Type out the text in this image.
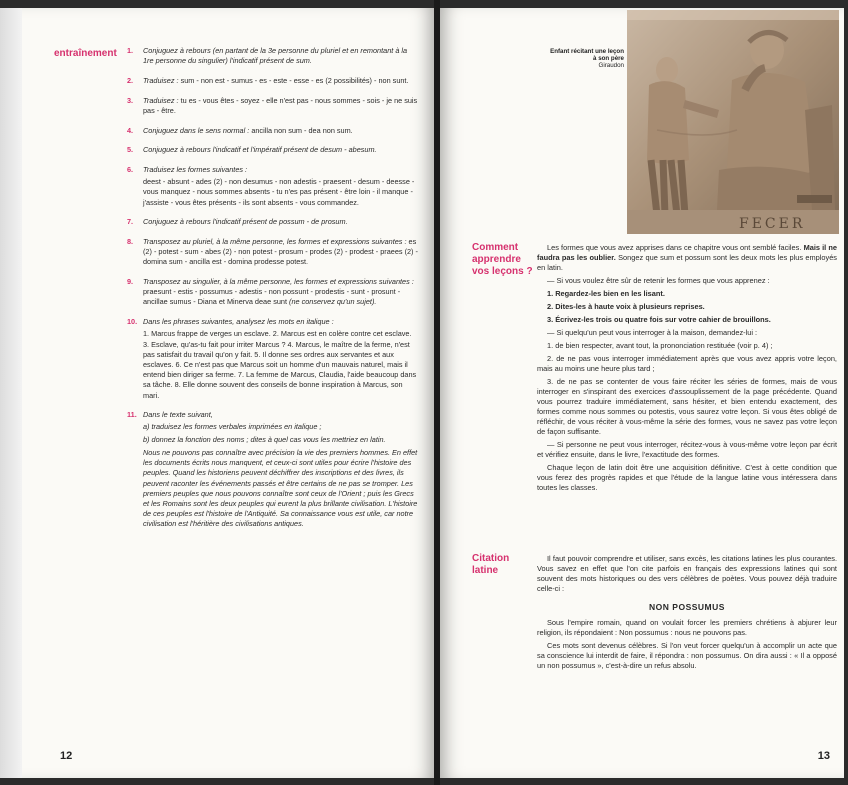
entraînement 1. Conjuguez à rebours (en partant de la 3e personne du pluriel et en remontant à la 1re personne du singulier) l'indicatif présent de sum.

2. Traduisez : sum - non est - sumus - es - este - esse - es (2 possibilités) - non sunt.

3. Traduisez : tu es - vous êtes - soyez - elle n'est pas - nous sommes - sois - je ne suis pas - être.

4. Conjuguez dans le sens normal : ancilla non sum - dea non sum.

5. Conjuguez à rebours l'indicatif et l'impératif présent de desum - abesum.

6. Traduisez les formes suivantes :

deest - absunt - ades (2) - non desumus - non adestis - praesent - desum - deesse - vous manquez - nous sommes absents - tu n'es pas présent - être loin - il manque - j'assiste - vous êtes présents - ils sont absents - vous commandez.

7. Conjuguez à rebours l'indicatif présent de possum - de prosum.

8. Transposez au pluriel, à la même personne, les formes et expressions suivantes : es (2) - potest - sum - abes (2) - non potest - prosum - prodes (2) - prodest - praees (2) - domina sum - ancilla est - domina prodesse potest.

9. Transposez au singulier, à la même personne, les formes et expressions suivantes : praesunt - estis - possumus - adestis - non possunt - prodestis - sunt - prosunt - ancillae sumus - Diana et Minerva deae sunt (ne conservez qu'un sujet).

10. Dans les phrases suivantes, analysez les mots en italique :

1. Marcus frappe de verges un esclave. 2. Marcus est en colère contre cet esclave. 3. Esclave, qu'as-tu fait pour irriter Marcus ? 4. Marcus, le maître de la ferme, n'est pas satisfait du travail qu'on y fait. 5. Il donne ses ordres aux servantes et aux esclaves. 6. Ce n'est pas que Marcus soit un homme d'un mauvais naturel, mais il entend bien diriger sa ferme. 7. La femme de Marcus, Claudia, l'aide beaucoup dans sa tâche. 8. Elle donne souvent des conseils de bonne inspiration à Marcus, son mari.

11. Dans le texte suivant,

a) traduisez les formes verbales imprimées en italique ;

b) donnez la fonction des noms ; dites à quel cas vous les mettriez en latin.

Nous ne pouvons pas connaître avec précision la vie des premiers hommes. En effet les documents écrits nous manquent, et ceux-ci sont utiles pour écrire l'histoire des peuples. Quand les historiens peuvent déchiffrer des inscriptions et des livres, ils peuvent raconter les événements passés et être certains de ne pas se tromper. Les premiers peuples que nous pouvons connaître sont ceux de l'Orient ; puis les Grecs et les Romains sont les deux peuples qui eurent la plus brillante civilisation. L'histoire de ces peuples est l'histoire de l'Antiquité. Sa connaissance vous est utile, car notre civilisation est l'héritière des civilisations antiques.

12
Enfant récitant une leçon à son père
Giraudon
FECER
Comment apprendre vos leçons ?

Les formes que vous avez apprises dans ce chapitre vous ont semblé faciles. Mais il ne faudra pas les oublier. Songez que sum et possum sont les deux mots les plus employés en latin.

— Si vous voulez être sûr de retenir les formes que vous apprenez :

1. Regardez-les bien en les lisant.
2. Dites-les à haute voix à plusieurs reprises.
3. Écrivez-les trois ou quatre fois sur votre cahier de brouillons.

— Si quelqu'un peut vous interroger à la maison, demandez-lui :

1. de bien respecter, avant tout, la prononciation restituée (voir p. 4) ;

2. de ne pas vous interroger immédiatement après que vous avez appris votre leçon, mais au moins une heure plus tard ;

3. de ne pas se contenter de vous faire réciter les séries de formes, mais de vous interroger en s'inspirant des exercices d'assouplissement de la page précédente. Quand vous pourrez traduire immédiatement, sans hésiter, et bien entendu exactement, des formes comme nous sommes ou potestis, vous saurez votre leçon. Si vous êtes obligé de réfléchir, de vous réciter à vous-même la série des formes, vous ne savez pas votre leçon de façon suffisante.

— Si personne ne peut vous interroger, récitez-vous à vous-même votre leçon par écrit et vérifiez ensuite, dans le livre, l'exactitude des formes.

Chaque leçon de latin doit être une acquisition définitive. C'est à cette condition que vous ferez des progrès rapides et que l'étude de la langue latine vous intéressera dans toutes les classes.

Citation latine

Il faut pouvoir comprendre et utiliser, sans excès, les citations latines les plus courantes. Vous savez en effet que l'on cite parfois en français des expressions latines qui sont souvent des mots historiques ou des vers célèbres de poètes. Vous pouvez déjà traduire celle-ci :

NON POSSUMUS

Sous l'empire romain, quand on voulait forcer les premiers chrétiens à abjurer leur religion, ils répondaient : Non possumus : nous ne pouvons pas.

Ces mots sont devenus célèbres. Si l'on veut forcer quelqu'un à accomplir un acte que sa conscience lui interdit de faire, il répondra : non possumus. On dira aussi : « Il a opposé un non possumus », c'est-à-dire un refus absolu.

13
